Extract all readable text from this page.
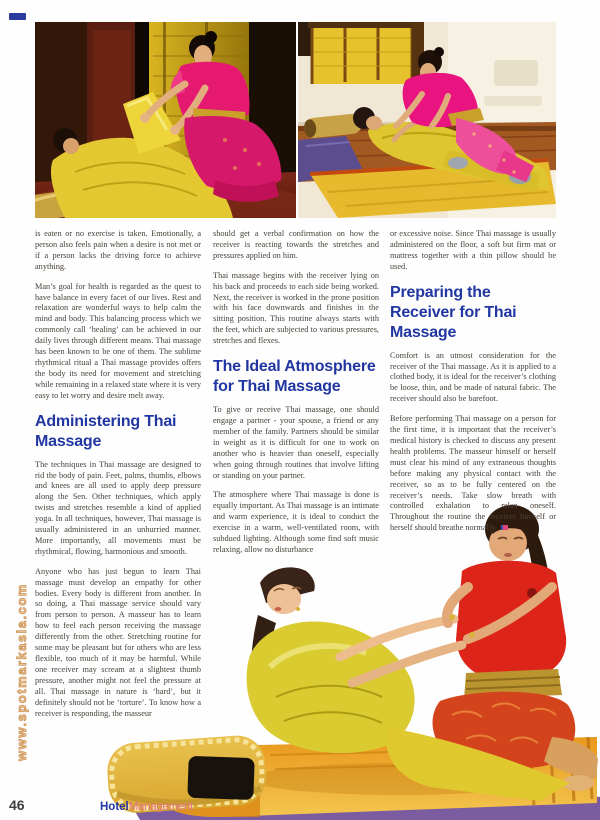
is eaten or no exercise is taken. Emotionally, a person also feels pain when a desire is not met or if a person lacks the driving force to achieve anything.

Man’s goal for health is regarded as the quest to have balance in every facet of our lives. Rest and relaxation are wonderful ways to help calm the mind and body. This balancing process which we commonly call ‘healing’ can be achieved in our daily lives through different means. Thai massage has been known to be one of them. The sublime rhythmical ritual a Thai massage provides offers the body its need for movement and stretching while remaining in a relaxed state where it is very easy to let worry and desire melt away.

Administering Thai Massage

The techniques in Thai massage are designed to rid the body of pain. Feet, palms, thumbs, elbows and knees are all used to apply deep pressure along the Sen. Other techniques, which apply twists and stretches resemble a kind of applied yoga. In all techniques, however, Thai massage is usually administered in an unhurried manner. More importantly, all movements must be rhythmical, flowing, harmonious and smooth.

Anyone who has just begun to learn Thai massage must develop an empathy for other bodies. Every body is different from another. In so doing, a Thai massage service should vary from person to person. A masseur has to learn how to feel each person receiving the massage differently from the other. Stretching routine for some may be pleasant but for others who are less flexible, too much of it may be harmful. While one receiver may scream at a slightest thumb pressure, another might not feel the pressure at all. Thai massage in nature is ‘hard’, but it definitely should not be ‘torture’. To know how a receiver is responding, the masseur

should get a verbal confirmation on how the receiver is reacting towards the stretches and pressures applied on him.

Thai massage begins with the receiver lying on his back and proceeds to each side being worked. Next, the receiver is worked in the prone position with his face downwards and finishes in the sitting position. This routine always starts with the feet, which are subjected to various pressures, stretches and flexes.

The Ideal Atmosphere for Thai Massage

To give or receive Thai massage, one should engage a partner - your spouse, a friend or any member of the family. Partners should be similar in weight as it is difficult for one to work on another who is heavier than oneself, especially when going through routines that involve lifting or standing on your partner.

The atmosphere where Thai massage is done is equally important. As Thai massage is an intimate and warm experience, it is ideal to conduct the exercise in a warm, well-ventilated room, with subdued lighting. Although some find soft music relaxing, allow no disturbance

or excessive noise. Since Thai massage is usually administered on the floor, a soft but firm mat or mattress together with a thin pillow should be used.

Preparing the Receiver for Thai Massage

Comfort is an utmost consideration for the receiver of the Thai massage. As it is applied to a clothed body, it is ideal for the receiver’s clothing be loose, thin, and be made of natural fabric. The receiver should also be barefoot.

Before performing Thai massage on a person for the first time, it is important that the receiver’s medical history is checked to discuss any present health problems. The masseur himself or herself must clear his mind of any extraneous thoughts before making any physical contact with the receiver, so as to be fully centered on the receiver’s needs. Take slow breath with controlled exhalation to relax oneself. Throughout the routine the receiver himself or herself should breathe normally.

www.spotmarkasia.com
46	HotelManagement
